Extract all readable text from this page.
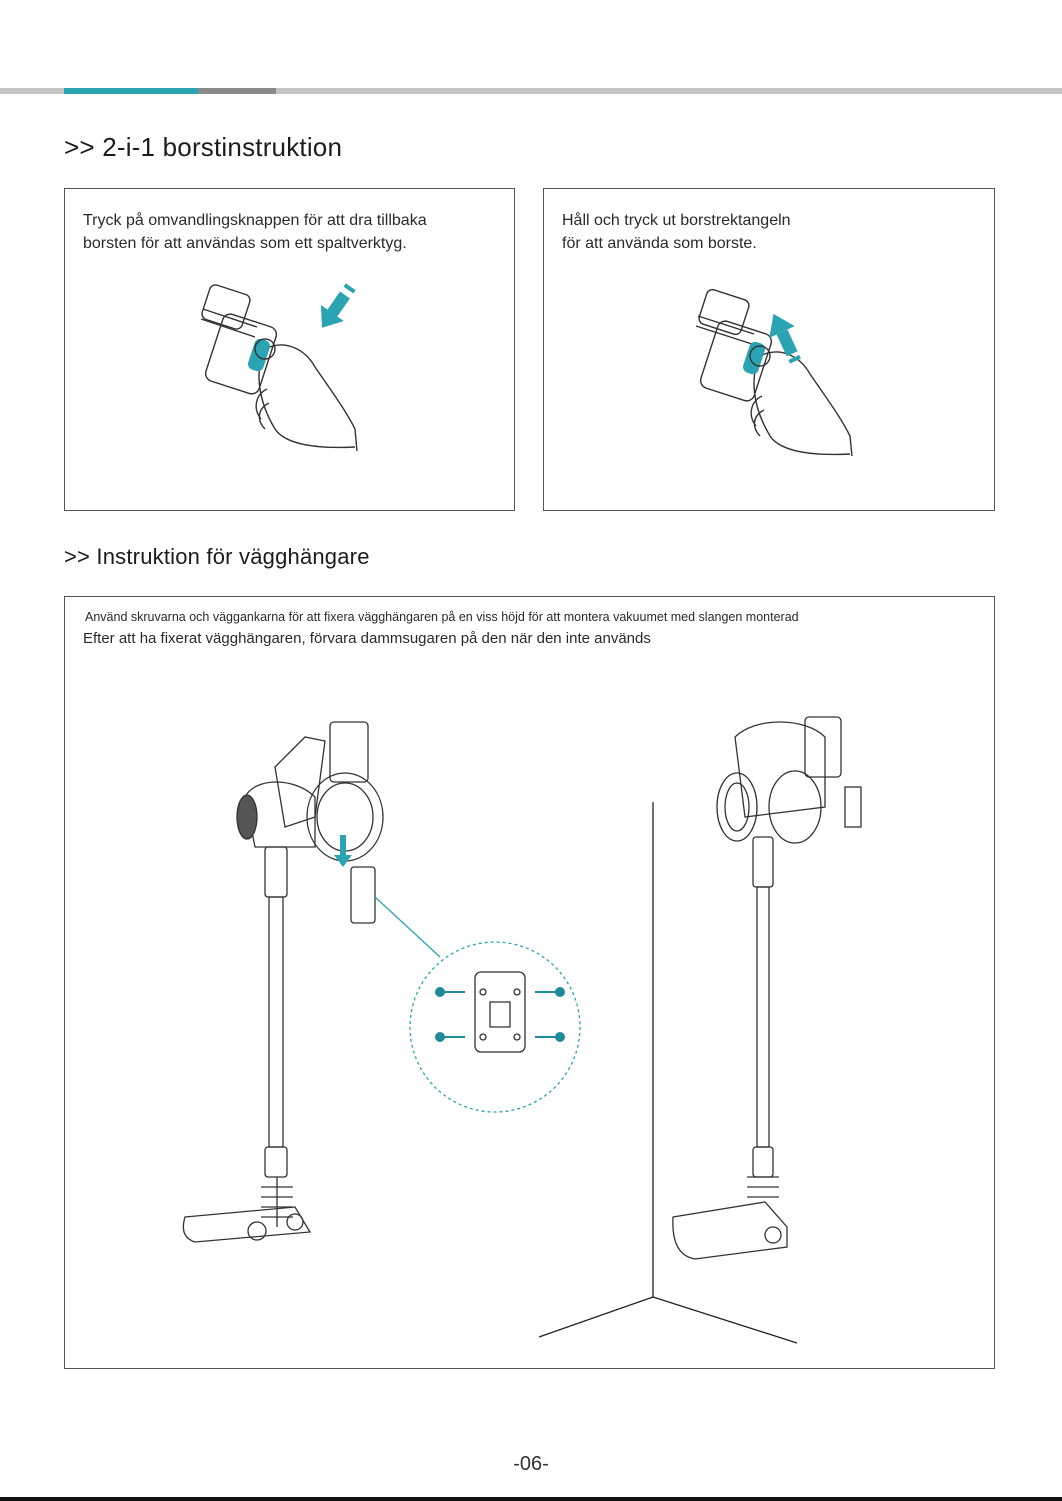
>> 2-i-1 borstinstruktion
Tryck på omvandlingsknappen för att dra tillbaka
borsten för att användas som ett spaltverktyg.
Håll och tryck ut borstrektangeln
för att använda som borste.
>> Instruktion för vägghängare
Använd skruvarna och väggankarna för att fixera vägghängaren på en viss höjd för att montera vakuumet med slangen monterad
Efter att ha fixerat vägghängaren, förvara dammsugaren på den när den inte används
-06-
